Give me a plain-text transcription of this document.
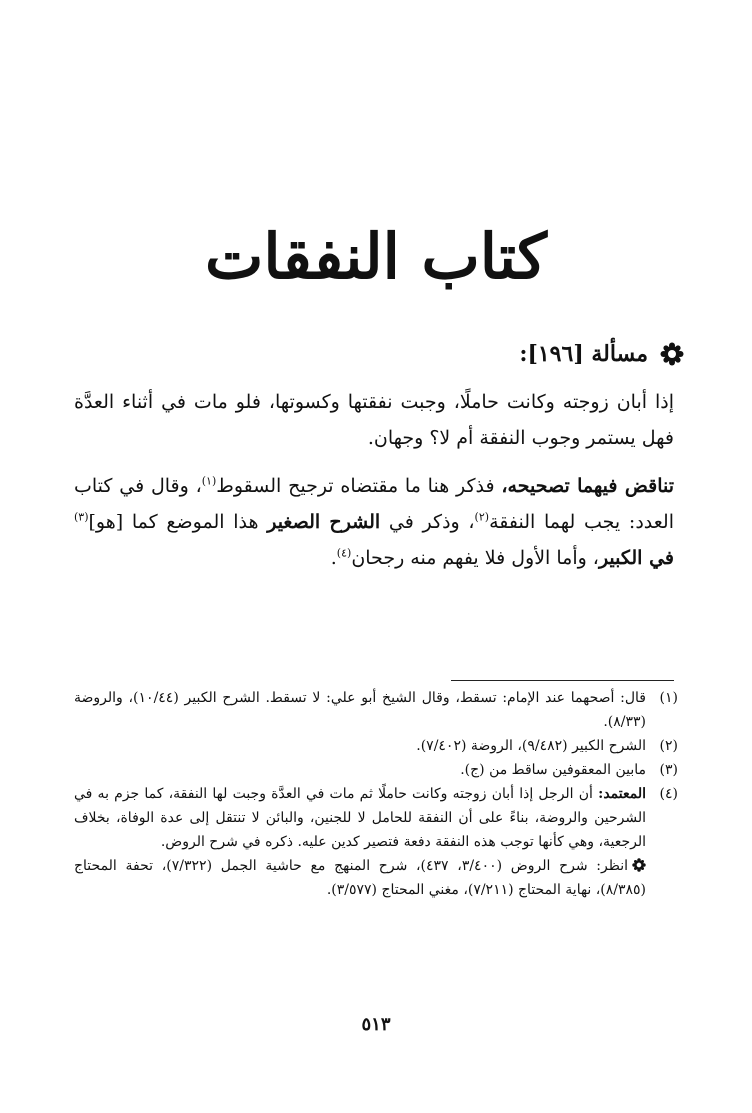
كتاب النفقات
مسألة [١٩٦]:

إذا أبان زوجته وكانت حاملًا، وجبت نفقتها وكسوتها، فلو مات في أثناء العدَّة فهل يستمر وجوب النفقة أم لا؟ وجهان.

تناقض فيهما تصحيحه، فذكر هنا ما مقتضاه ترجيح السقوط$^{(١)}$، وقال في كتاب العدد: يجب لهما النفقة$^{(٢)}$، وذكر في الشرح الصغير هذا الموضع كما [هو]$^{(٣)}$ في الكبير، وأما الأول فلا يفهم منه رجحان$^{(٤)}$.

(١)
قال: أصحهما عند الإمام: تسقط، وقال الشيخ أبو علي: لا تسقط. الشرح الكبير (١٠/٤٤)، والروضة (٨/٣٣).
(٢)
الشرح الكبير (٩/٤٨٢)، الروضة (٧/٤٠٢).
(٣)
مابين المعقوفين ساقط من (ج).
(٤)
المعتمد: أن الرجل إذا أبان زوجته وكانت حاملًا ثم مات في العدَّة وجبت لها النفقة، كما جزم به في الشرحين والروضة، بناءً على أن النفقة للحامل لا للجنين، والبائن لا تنتقل إلى عدة الوفاة، بخلاف الرجعية، وهي كأنها توجب هذه النفقة دفعة فتصير كدين عليه. ذكره في شرح الروض.
انظر: شرح الروض (٣/٤٠٠، ٤٣٧)، شرح المنهج مع حاشية الجمل (٧/٣٢٢)، تحفة المحتاج (٨/٣٨٥)، نهاية المحتاج (٧/٢١١)، مغني المحتاج (٣/٥٧٧).
٥١٣
